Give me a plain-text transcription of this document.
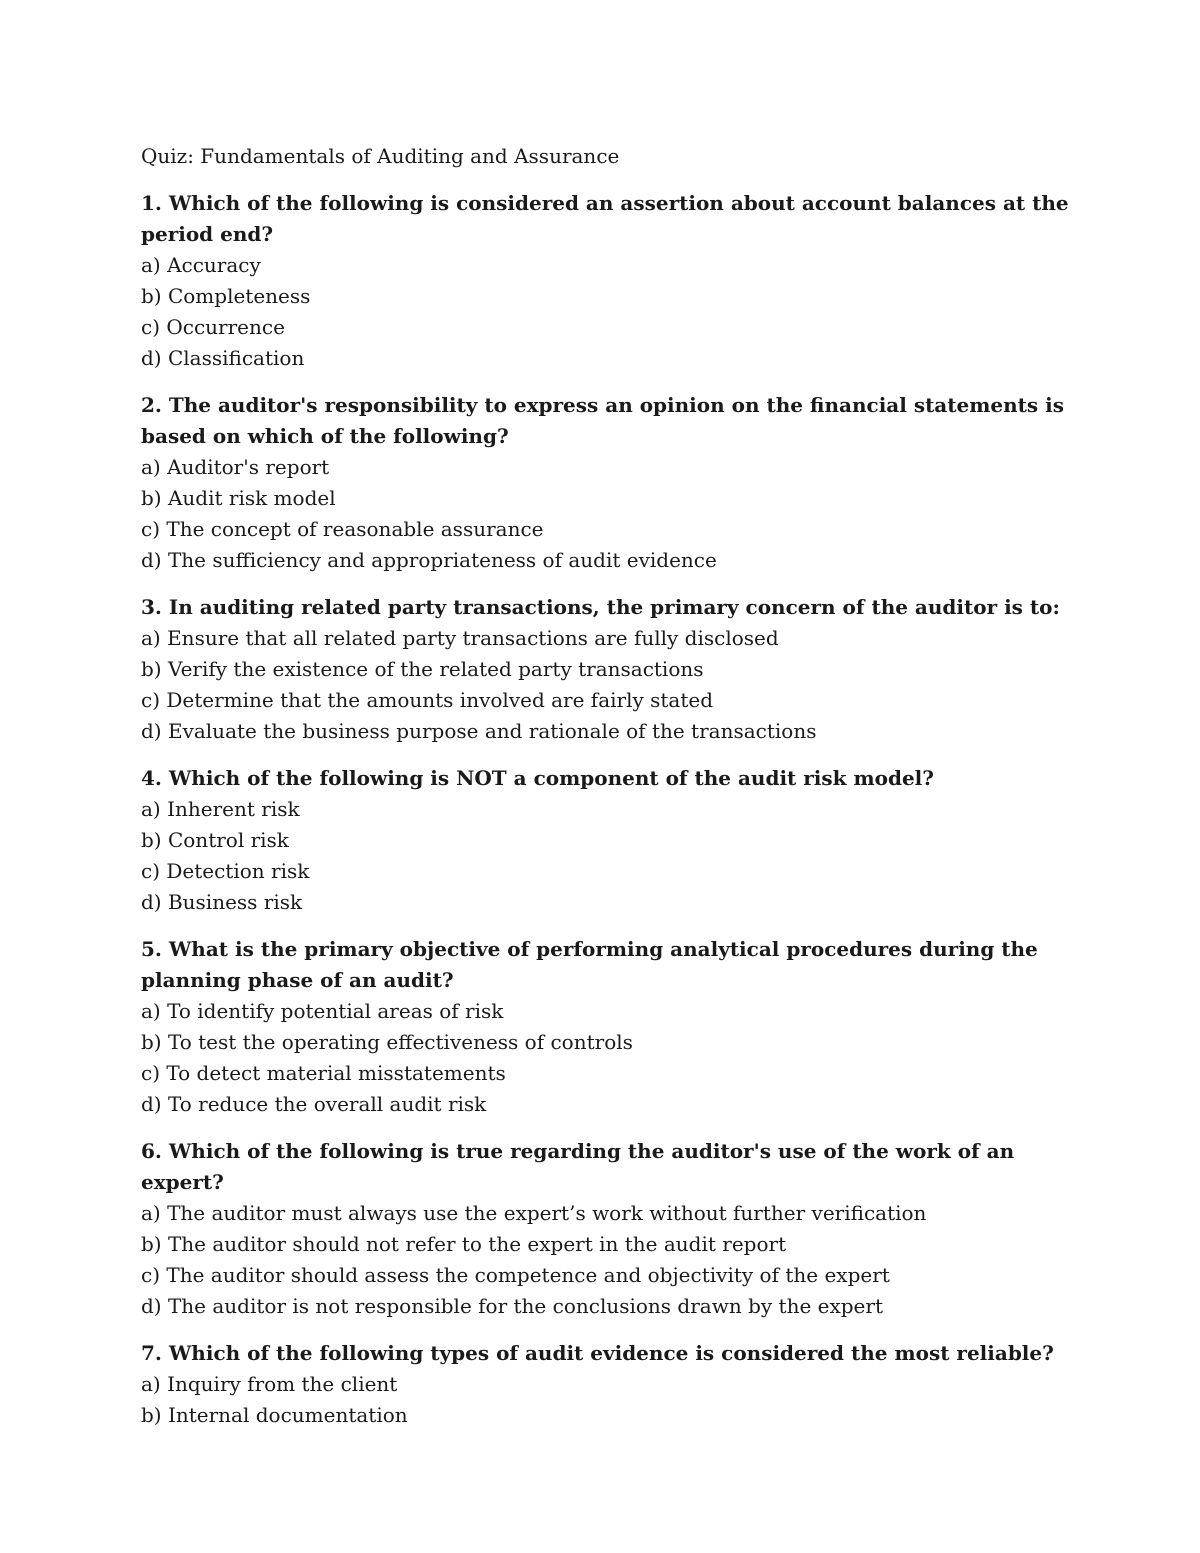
Quiz: Fundamentals of Auditing and Assurance

1. Which of the following is considered an assertion about account balances at the period end?
a) Accuracy
b) Completeness
c) Occurrence
d) Classification
2. The auditor's responsibility to express an opinion on the financial statements is based on which of the following?
a) Auditor's report
b) Audit risk model
c) The concept of reasonable assurance
d) The sufficiency and appropriateness of audit evidence
3. In auditing related party transactions, the primary concern of the auditor is to: a) Ensure that all related party transactions are fully disclosed
b) Verify the existence of the related party transactions
c) Determine that the amounts involved are fairly stated
d) Evaluate the business purpose and rationale of the transactions
4. Which of the following is NOT a component of the audit risk model?
a) Inherent risk
b) Control risk
c) Detection risk
d) Business risk
5. What is the primary objective of performing analytical procedures during the planning phase of an audit?
a) To identify potential areas of risk
b) To test the operating effectiveness of controls
c) To detect material misstatements
d) To reduce the overall audit risk
6. Which of the following is true regarding the auditor's use of the work of an expert?
a) The auditor must always use the expert’s work without further verification
b) The auditor should not refer to the expert in the audit report
c) The auditor should assess the competence and objectivity of the expert
d) The auditor is not responsible for the conclusions drawn by the expert
7. Which of the following types of audit evidence is considered the most reliable?
a) Inquiry from the client
b) Internal documentation
